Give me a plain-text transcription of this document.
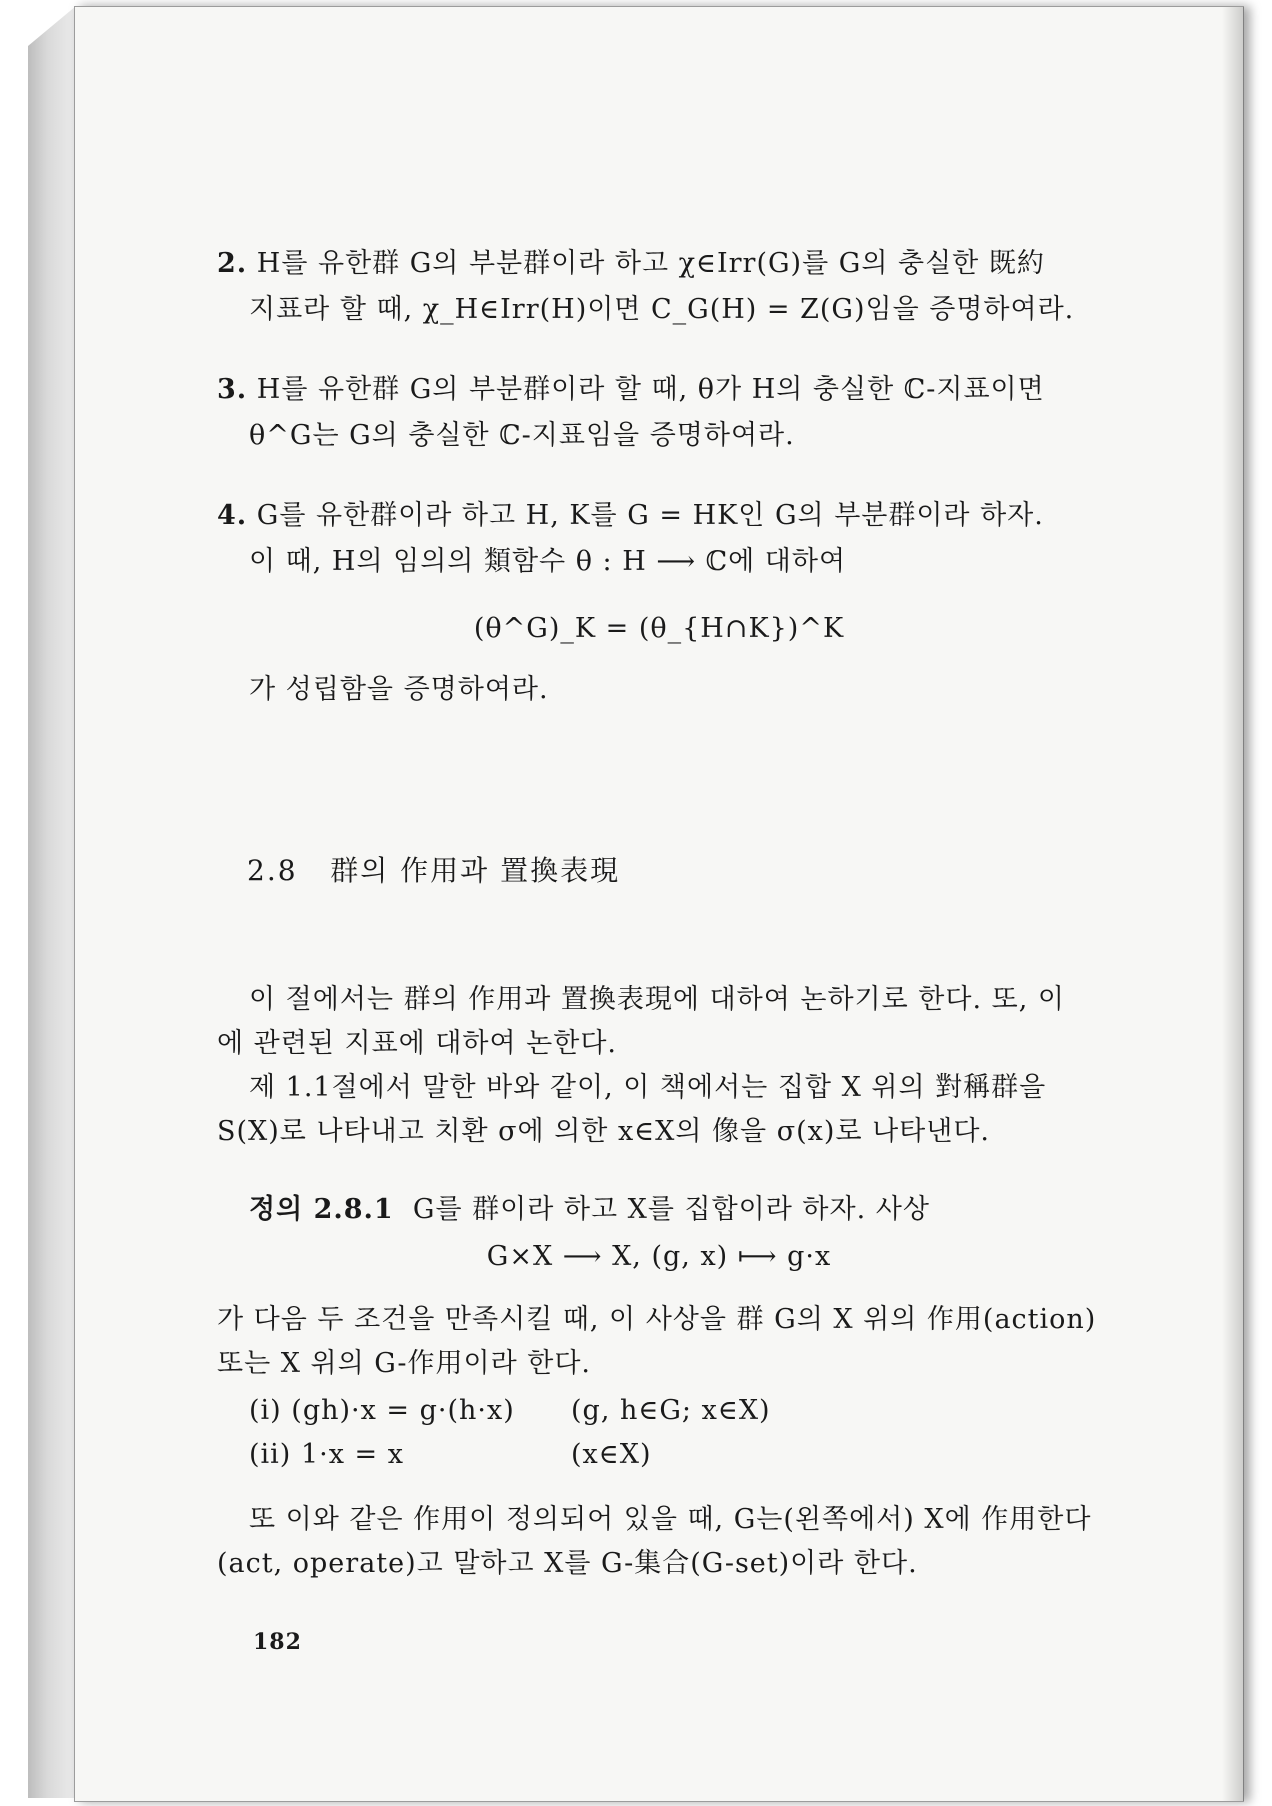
2. H를 유한群 G의 부분群이라 하고 χ∈Irr(G)를 G의 충실한 既約
지표라 할 때, χ_H∈Irr(H)이면 C_G(H) = Z(G)임을 증명하여라.
3. H를 유한群 G의 부분群이라 할 때, θ가 H의 충실한 ℂ-지표이면
θ^G는 G의 충실한 ℂ-지표임을 증명하여라.
4. G를 유한群이라 하고 H, K를 G = HK인 G의 부분群이라 하자.
이 때, H의 임의의 類함수 θ : H ⟶ ℂ에 대하여
(θ^G)_K = (θ_{H∩K})^K
가 성립함을 증명하여라.
2.8 群의 作用과 置換表現
이 절에서는 群의 作用과 置換表現에 대하여 논하기로 한다. 또, 이
에 관련된 지표에 대하여 논한다.
제 1.1절에서 말한 바와 같이, 이 책에서는 집합 X 위의 對稱群을
S(X)로 나타내고 치환 σ에 의한 x∈X의 像을 σ(x)로 나타낸다.
정의 2.8.1 G를 群이라 하고 X를 집합이라 하자. 사상
G×X ⟶ X, (g, x) ⟼ g·x
가 다음 두 조건을 만족시킬 때, 이 사상을 群 G의 X 위의 作用(action)
또는 X 위의 G-作用이라 한다.
(i) (gh)·x = g·(h·x) (g, h∈G; x∈X)
(ii) 1·x = x	(x∈X)
또 이와 같은 作用이 정의되어 있을 때, G는(왼쪽에서) X에 作用한다
(act, operate)고 말하고 X를 G-集合(G-set)이라 한다.
182
